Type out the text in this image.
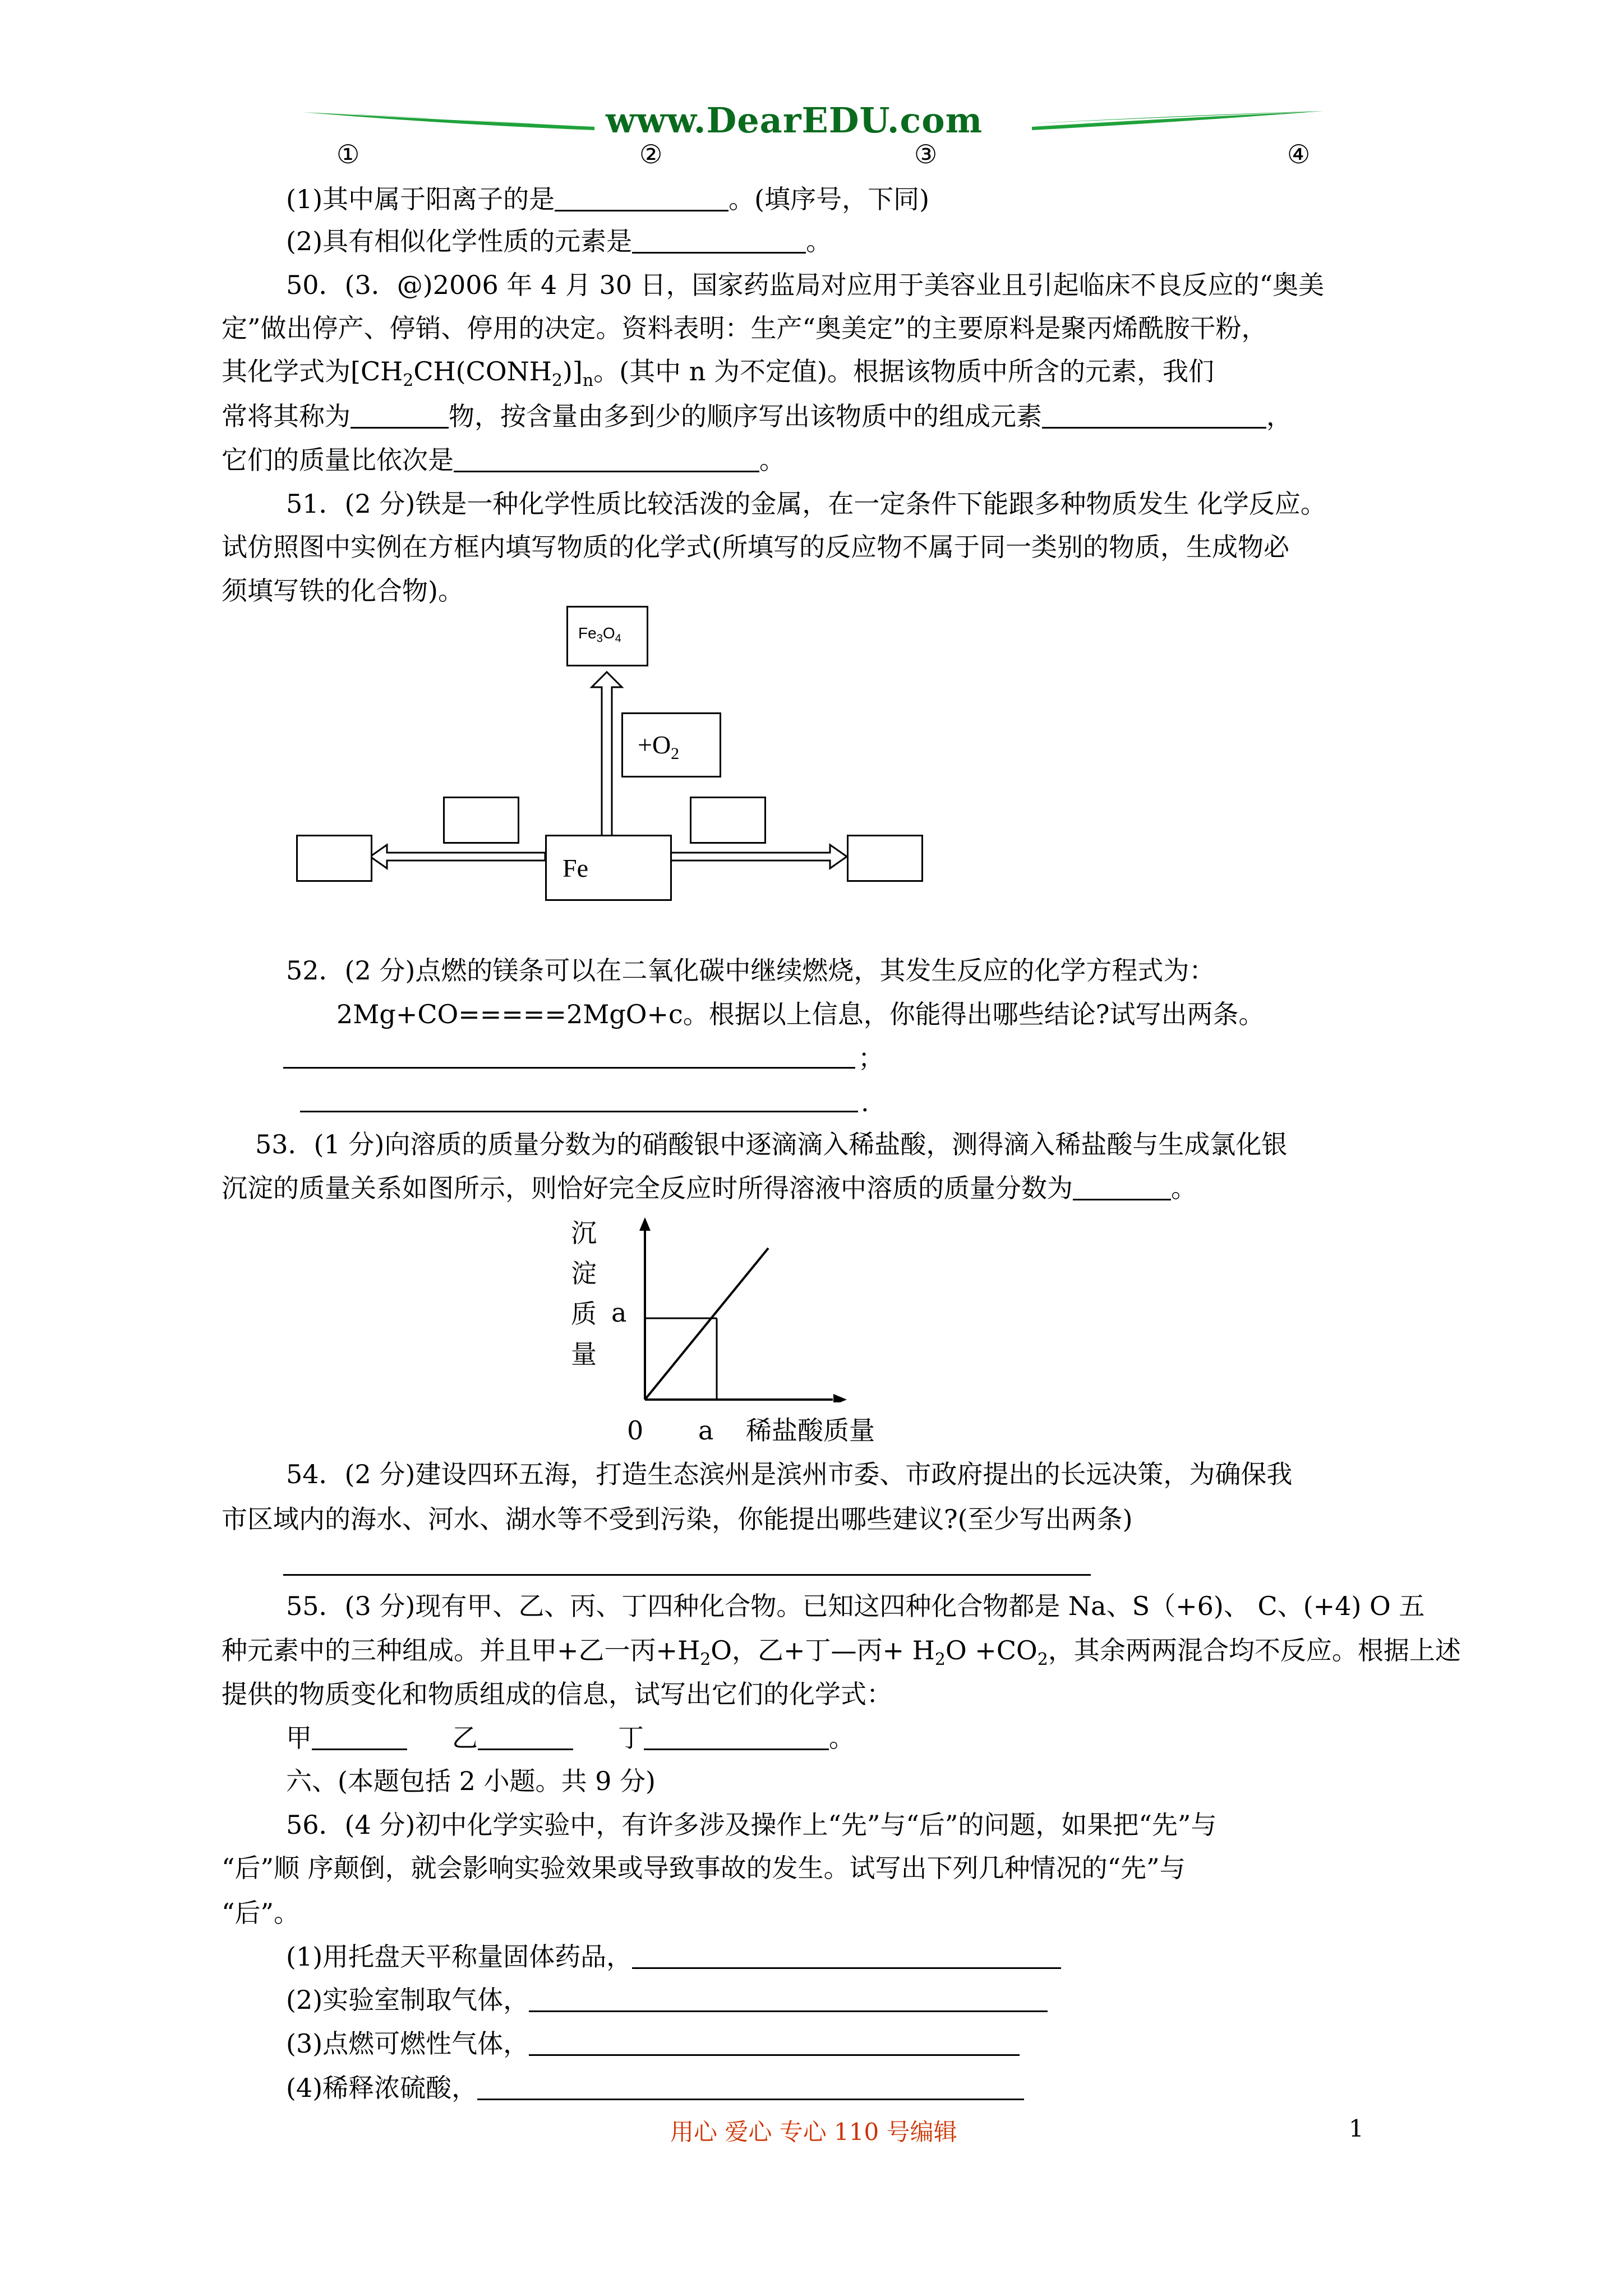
www.DearEDU.com
①	②	③	④
(1)其中属于阳离子的是	。(填序号，下同)
(2)具有相似化学性质的元素是	。
50．(3．@)2006 年 4 月 30 日，国家药监局对应用于美容业且引起临床不良反应的“奥美
定”做出停产、停销、停用的决定。资料表明：生产“奥美定”的主要原料是聚丙烯酰胺干粉，
其化学式为$[CH_2CH(CONH_2)]_n$。(其中 n 为不定值)。根据该物质中所含的元素，我们
常将其称为	物，按含量由多到少的顺序写出该物质中的组成元素	，
它们的质量比依次是	。
51．(2 分)铁是一种化学性质比较活泼的金属，在一定条件下能跟多种物质发生 化学反应。
试仿照图中实例在方框内填写物质的化学式(所填写的反应物不属于同一类别的物质，生成物必
须填写铁的化合物)。
$Fe_3O_4$
$+O_2$
Fe
52．(2 分)点燃的镁条可以在二氧化碳中继续燃烧，其发生反应的化学方程式为：
2Mg+CO=====2MgO+c。根据以上信息，你能得出哪些结论?试写出两条。
；
.
53．(1 分)向溶质的质量分数为的硝酸银中逐滴滴入稀盐酸，测得滴入稀盐酸与生成氯化银
沉淀的质量关系如图所示，则恰好完全反应时所得溶液中溶质的质量分数为	。
沉
淀
质
量
a
0 a 稀盐酸质量
54．(2 分)建设四环五海，打造生态滨州是滨州市委、市政府提出的长远决策，为确保我
市区域内的海水、河水、湖水等不受到污染，你能提出哪些建议?(至少写出两条)
55．(3 分)现有甲、乙、丙、丁四种化合物。已知这四种化合物都是 Na、S（+6)、 C、(+4) O 五
种元素中的三种组成。并且甲+乙一丙$+H_2O$，乙+丁—丙+ $H_2O +CO_2$，其余两两混合均不反应。根据上述
提供的物质变化和物质组成的信息，试写出它们的化学式：
甲	乙	丁	。
六、(本题包括 2 小题。共 9 分)
56．(4 分)初中化学实验中，有许多涉及操作上“先”与“后”的问题，如果把“先”与
“后”顺 序颠倒，就会影响实验效果或导致事故的发生。试写出下列几种情况的“先”与
“后”。
(1)用托盘天平称量固体药品，
(2)实验室制取气体，
(3)点燃可燃性气体，
(4)稀释浓硫酸，
用心 爱心 专心 110 号编辑	1
